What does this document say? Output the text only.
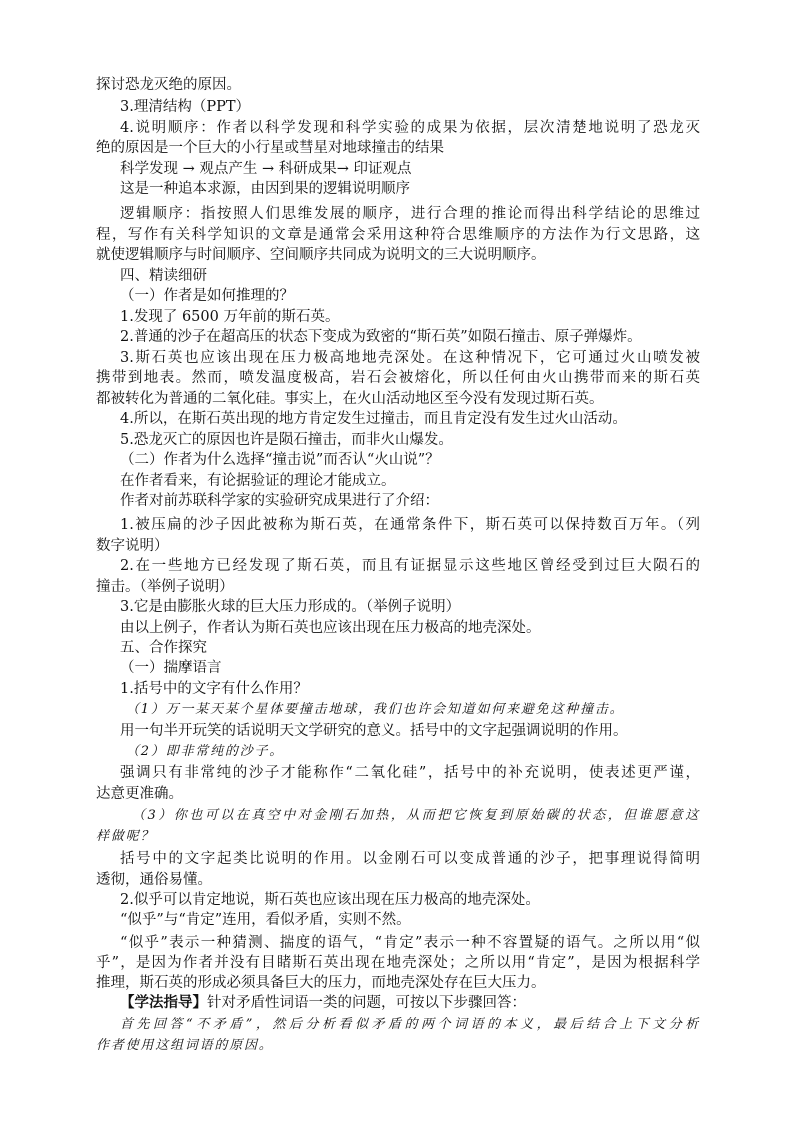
探讨恐龙灭绝的原因。
3.理清结构（PPT）
4.说明顺序：作者以科学发现和科学实验的成果为依据，层次清楚地说明了恐龙灭
绝的原因是一个巨大的小行星或彗星对地球撞击的结果
科学发现 → 观点产生 → 科研成果→ 印证观点
这是一种追本求源，由因到果的逻辑说明顺序
逻辑顺序：指按照人们思维发展的顺序，进行合理的推论而得出科学结论的思维过
程，写作有关科学知识的文章是通常会采用这种符合思维顺序的方法作为行文思路，这
就使逻辑顺序与时间顺序、空间顺序共同成为说明文的三大说明顺序。
四、精读细研
（一）作者是如何推理的？
1.发现了 6500 万年前的斯石英。
2.普通的沙子在超高压的状态下变成为致密的“斯石英”如陨石撞击、原子弹爆炸。
3.斯石英也应该出现在压力极高地地壳深处。在这种情况下，它可通过火山喷发被
携带到地表。然而，喷发温度极高，岩石会被熔化，所以任何由火山携带而来的斯石英
都被转化为普通的二氧化硅。事实上，在火山活动地区至今没有发现过斯石英。
4.所以，在斯石英出现的地方肯定发生过撞击，而且肯定没有发生过火山活动。
5.恐龙灭亡的原因也许是陨石撞击，而非火山爆发。
（二）作者为什么选择“撞击说”而否认“火山说”？
在作者看来，有论据验证的理论才能成立。
作者对前苏联科学家的实验研究成果进行了介绍：
1.被压扁的沙子因此被称为斯石英，在通常条件下，斯石英可以保持数百万年。（列
数字说明）
2.在一些地方已经发现了斯石英，而且有证据显示这些地区曾经受到过巨大陨石的
撞击。（举例子说明）
3.它是由膨胀火球的巨大压力形成的。（举例子说明）
由以上例子，作者认为斯石英也应该出现在压力极高的地壳深处。
五、合作探究
（一）揣摩语言
1.括号中的文字有什么作用？
（1）万一某天某个星体要撞击地球，我们也许会知道如何来避免这种撞击。
用一句半开玩笑的话说明天文学研究的意义。括号中的文字起强调说明的作用。
（2）即非常纯的沙子。
强调只有非常纯的沙子才能称作“二氧化硅”，括号中的补充说明，使表述更严谨，
达意更准确。
（3）你也可以在真空中对金刚石加热，从而把它恢复到原始碳的状态，但谁愿意这
样做呢？
括号中的文字起类比说明的作用。以金刚石可以变成普通的沙子，把事理说得简明
透彻，通俗易懂。
2.似乎可以肯定地说，斯石英也应该出现在压力极高的地壳深处。
“似乎”与“肯定”连用，看似矛盾，实则不然。
“似乎”表示一种猜测、揣度的语气，“肯定”表示一种不容置疑的语气。之所以用“似
乎”，是因为作者并没有目睹斯石英出现在地壳深处；之所以用“肯定”，是因为根据科学
推理，斯石英的形成必须具备巨大的压力，而地壳深处存在巨大压力。
【学法指导】针对矛盾性词语一类的问题，可按以下步骤回答：
首先回答“不矛盾”，然后分析看似矛盾的两个词语的本义，最后结合上下文分析
作者使用这组词语的原因。
